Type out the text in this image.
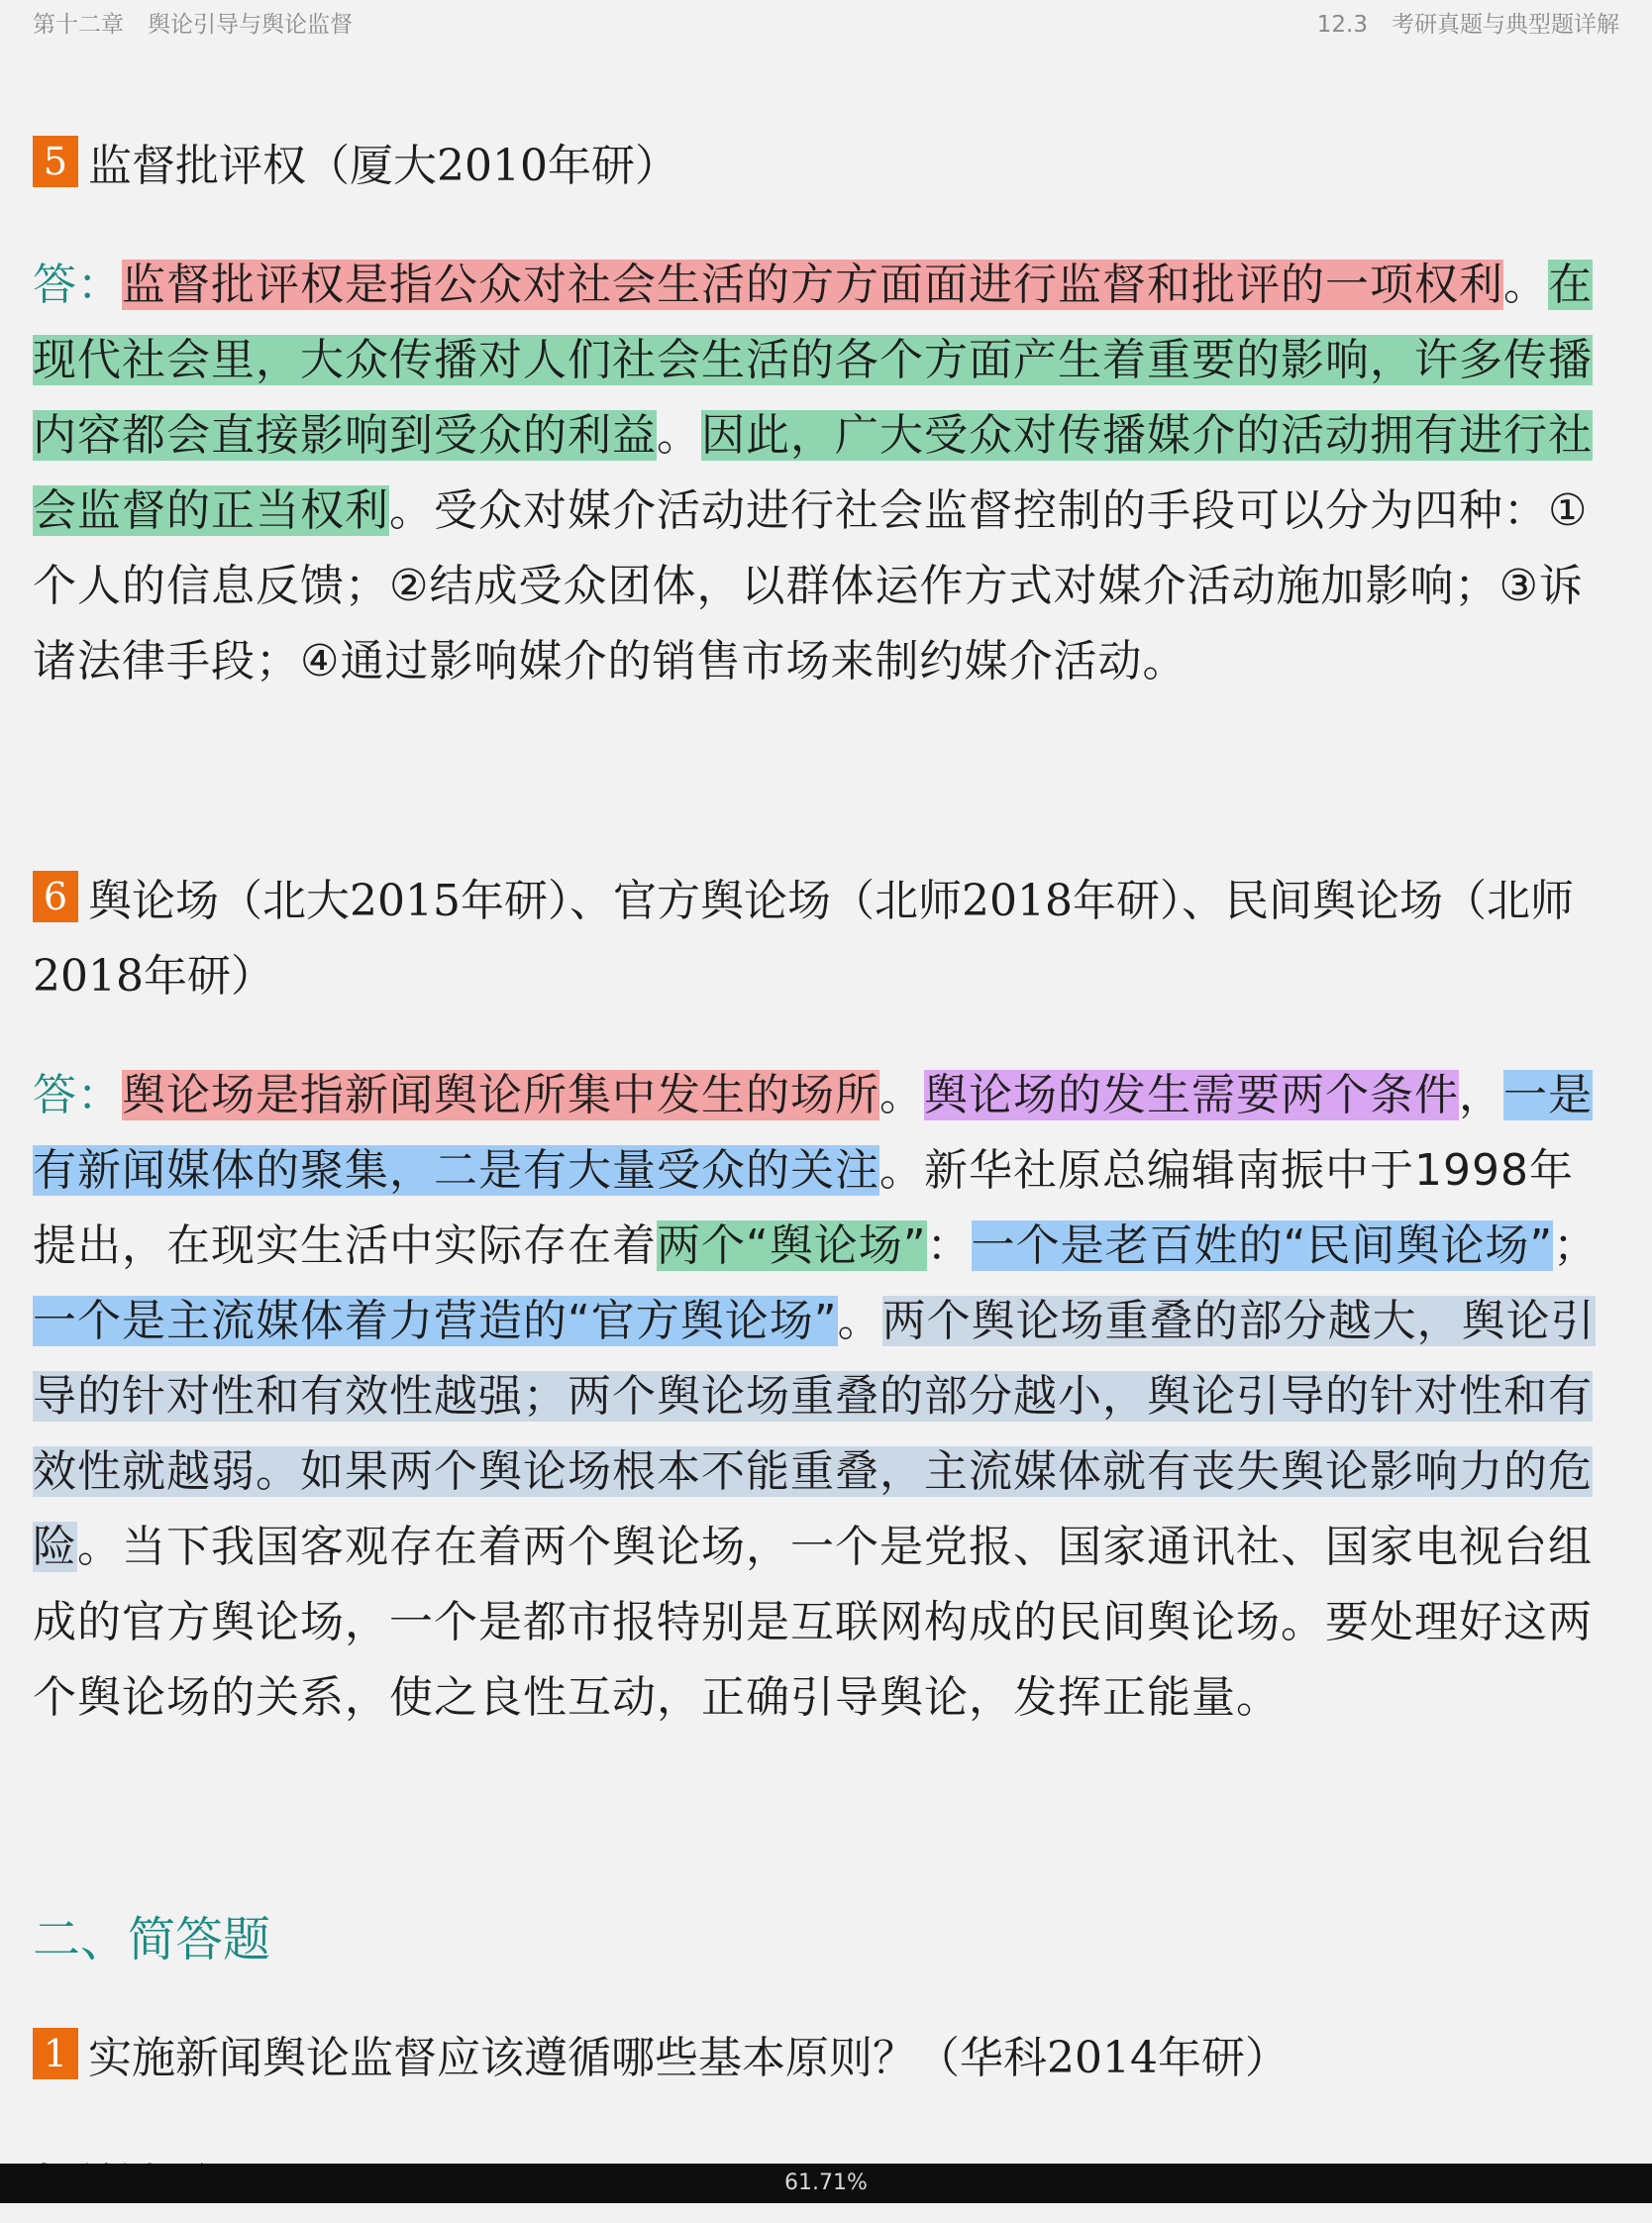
第十二章 舆论引导与舆论监督	12.3 考研真题与典型题详解
5 监督批评权（厦大2010年研）
答：监督批评权是指公众对社会生活的方方面面进行监督和批评的一项权利。在现代社会里，大众传播对人们社会生活的各个方面产生着重要的影响，许多传播内容都会直接影响到受众的利益。因此，广大受众对传播媒介的活动拥有进行社会监督的正当权利。受众对媒介活动进行社会监督控制的手段可以分为四种：①个人的信息反馈；②结成受众团体，以群体运作方式对媒介活动施加影响；③诉诸法律手段；④通过影响媒介的销售市场来制约媒介活动。
6 舆论场（北大2015年研）、官方舆论场（北师2018年研）、民间舆论场（北师2018年研）
答：舆论场是指新闻舆论所集中发生的场所。舆论场的发生需要两个条件，一是有新闻媒体的聚集，二是有大量受众的关注。新华社原总编辑南振中于1998年提出，在现实生活中实际存在着两个“舆论场”：一个是老百姓的“民间舆论场”；一个是主流媒体着力营造的“官方舆论场”。两个舆论场重叠的部分越大，舆论引导的针对性和有效性越强；两个舆论场重叠的部分越小，舆论引导的针对性和有效性就越弱。如果两个舆论场根本不能重叠，主流媒体就有丧失舆论影响力的危险。当下我国客观存在着两个舆论场，一个是党报、国家通讯社、国家电视台组成的官方舆论场，一个是都市报特别是互联网构成的民间舆论场。要处理好这两个舆论场的关系，使之良性互动，正确引导舆论，发挥正能量。
二、简答题
1 实施新闻舆论监督应该遵循哪些基本原则？（华科2014年研）
61.71%
